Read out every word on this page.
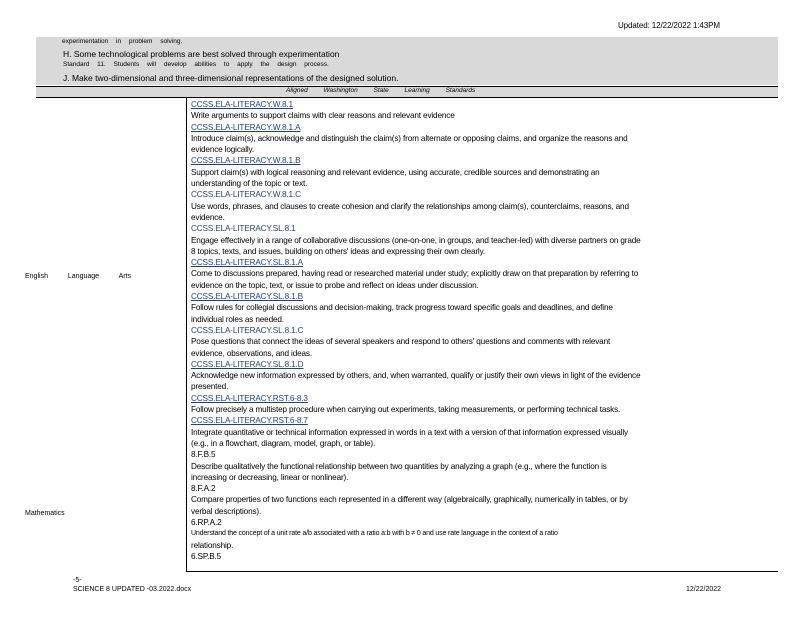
Updated: 12/22/2022 1:43PM
experimentation in problem solving.
H. Some technological problems are best solved through experimentation
Standard 11. Students will develop abilities to apply the design process.
J. Make two-dimensional and three-dimensional representations of the designed solution.
Aligned Washington State Learning Standards
English Language Arts
Mathematics
CCSS.ELA-LITERACY.W.8.1
Write arguments to support claims with clear reasons and relevant evidence
CCSS.ELA-LITERACY.W.8.1.A
Introduce claim(s), acknowledge and distinguish the claim(s) from alternate or opposing claims, and organize the reasons and
evidence logically.
CCSS.ELA-LITERACY.W.8.1.B
Support claim(s) with logical reasoning and relevant evidence, using accurate, credible sources and demonstrating an
understanding of the topic or text.
CCSS.ELA-LITERACY.W.8.1.C
Use words, phrases, and clauses to create cohesion and clarify the relationships among claim(s), counterclaims, reasons, and
evidence.
CCSS.ELA-LITERACY.SL.8.1
Engage effectively in a range of collaborative discussions (one-on-one, in groups, and teacher-led) with diverse partners on grade
8 topics, texts, and issues, building on others' ideas and expressing their own clearly.
CCSS.ELA-LITERACY.SL.8.1.A
Come to discussions prepared, having read or researched material under study; explicitly draw on that preparation by referring to
evidence on the topic, text, or issue to probe and reflect on ideas under discussion.
CCSS.ELA-LITERACY.SL.8.1.B
Follow rules for collegial discussions and decision-making, track progress toward specific goals and deadlines, and define
individual roles as needed.
CCSS.ELA-LITERACY.SL.8.1.C
Pose questions that connect the ideas of several speakers and respond to others' questions and comments with relevant
evidence, observations, and ideas.
CCSS.ELA-LITERACY.SL.8.1.D
Acknowledge new information expressed by others, and, when warranted, qualify or justify their own views in light of the evidence
presented.
CCSS.ELA-LITERACY.RST.6-8.3
Follow precisely a multistep procedure when carrying out experiments, taking measurements, or performing technical tasks.
CCSS.ELA-LITERACY.RST.6-8.7
Integrate quantitative or technical information expressed in words in a text with a version of that information expressed visually
(e.g., in a flowchart, diagram, model, graph, or table).
8.F.B.5
Describe qualitatively the functional relationship between two quantities by analyzing a graph (e.g., where the function is
increasing or decreasing, linear or nonlinear).
8.F.A.2
Compare properties of two functions each represented in a different way (algebraically, graphically, numerically in tables, or by
verbal descriptions).
6.RP.A.2
Understand the concept of a unit rate a/b associated with a ratio a:b with b ≠ 0 and use rate language in the context of a ratio
relationship.
6.SP.B.5
-5-
SCIENCE 8 UPDATED -03.2022.docx	12/22/2022
